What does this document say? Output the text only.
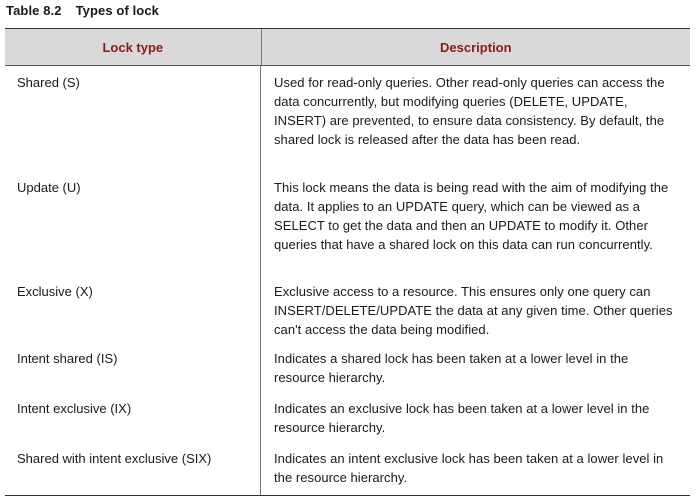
Table 8.2 Types of lock
Lock type	Description
Shared (S)	Used for read-only queries. Other read-only queries can access the data concurrently, but modifying queries (DELETE, UPDATE, INSERT) are prevented, to ensure data consistency. By default, the shared lock is released after the data has been read.
Update (U)	This lock means the data is being read with the aim of modifying the data. It applies to an UPDATE query, which can be viewed as a SELECT to get the data and then an UPDATE to modify it. Other queries that have a shared lock on this data can run concurrently.
Exclusive (X)	Exclusive access to a resource. This ensures only one query can INSERT/DELETE/UPDATE the data at any given time. Other queries can't access the data being modified.
Intent shared (IS)	Indicates a shared lock has been taken at a lower level in the resource hierarchy.
Intent exclusive (IX)	Indicates an exclusive lock has been taken at a lower level in the resource hierarchy.
Shared with intent exclusive (SIX)	Indicates an intent exclusive lock has been taken at a lower level in the resource hierarchy.
